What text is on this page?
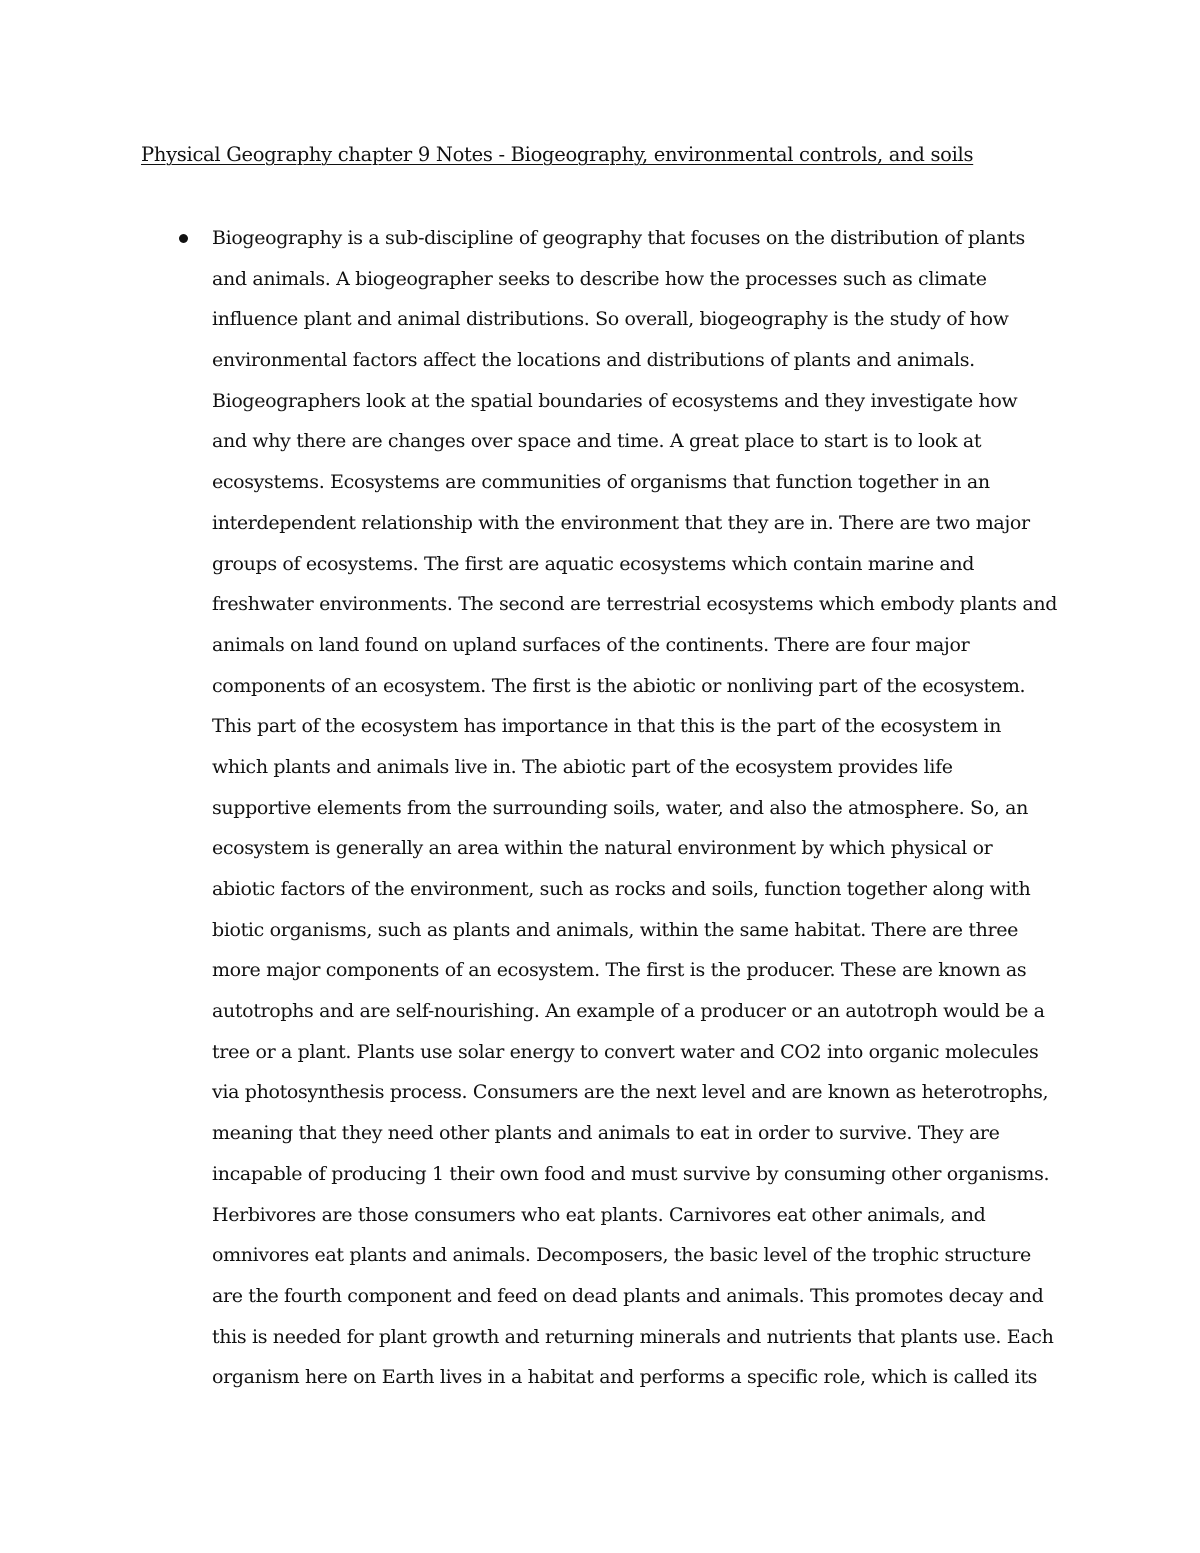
Physical Geography chapter 9 Notes - Biogeography, environmental controls, and soils
Biogeography is a sub-discipline of geography that focuses on the distribution of plants
and animals. A biogeographer seeks to describe how the processes such as climate
influence plant and animal distributions. So overall, biogeography is the study of how
environmental factors affect the locations and distributions of plants and animals.
Biogeographers look at the spatial boundaries of ecosystems and they investigate how
and why there are changes over space and time. A great place to start is to look at
ecosystems. Ecosystems are communities of organisms that function together in an
interdependent relationship with the environment that they are in. There are two major
groups of ecosystems. The first are aquatic ecosystems which contain marine and
freshwater environments. The second are terrestrial ecosystems which embody plants and
animals on land found on upland surfaces of the continents. There are four major
components of an ecosystem. The first is the abiotic or nonliving part of the ecosystem.
This part of the ecosystem has importance in that this is the part of the ecosystem in
which plants and animals live in. The abiotic part of the ecosystem provides life
supportive elements from the surrounding soils, water, and also the atmosphere. So, an
ecosystem is generally an area within the natural environment by which physical or
abiotic factors of the environment, such as rocks and soils, function together along with
biotic organisms, such as plants and animals, within the same habitat. There are three
more major components of an ecosystem. The first is the producer. These are known as
autotrophs and are self-nourishing. An example of a producer or an autotroph would be a
tree or a plant. Plants use solar energy to convert water and CO2 into organic molecules
via photosynthesis process. Consumers are the next level and are known as heterotrophs,
meaning that they need other plants and animals to eat in order to survive. They are
incapable of producing 1 their own food and must survive by consuming other organisms.
Herbivores are those consumers who eat plants. Carnivores eat other animals, and
omnivores eat plants and animals. Decomposers, the basic level of the trophic structure
are the fourth component and feed on dead plants and animals. This promotes decay and
this is needed for plant growth and returning minerals and nutrients that plants use. Each
organism here on Earth lives in a habitat and performs a specific role, which is called its
